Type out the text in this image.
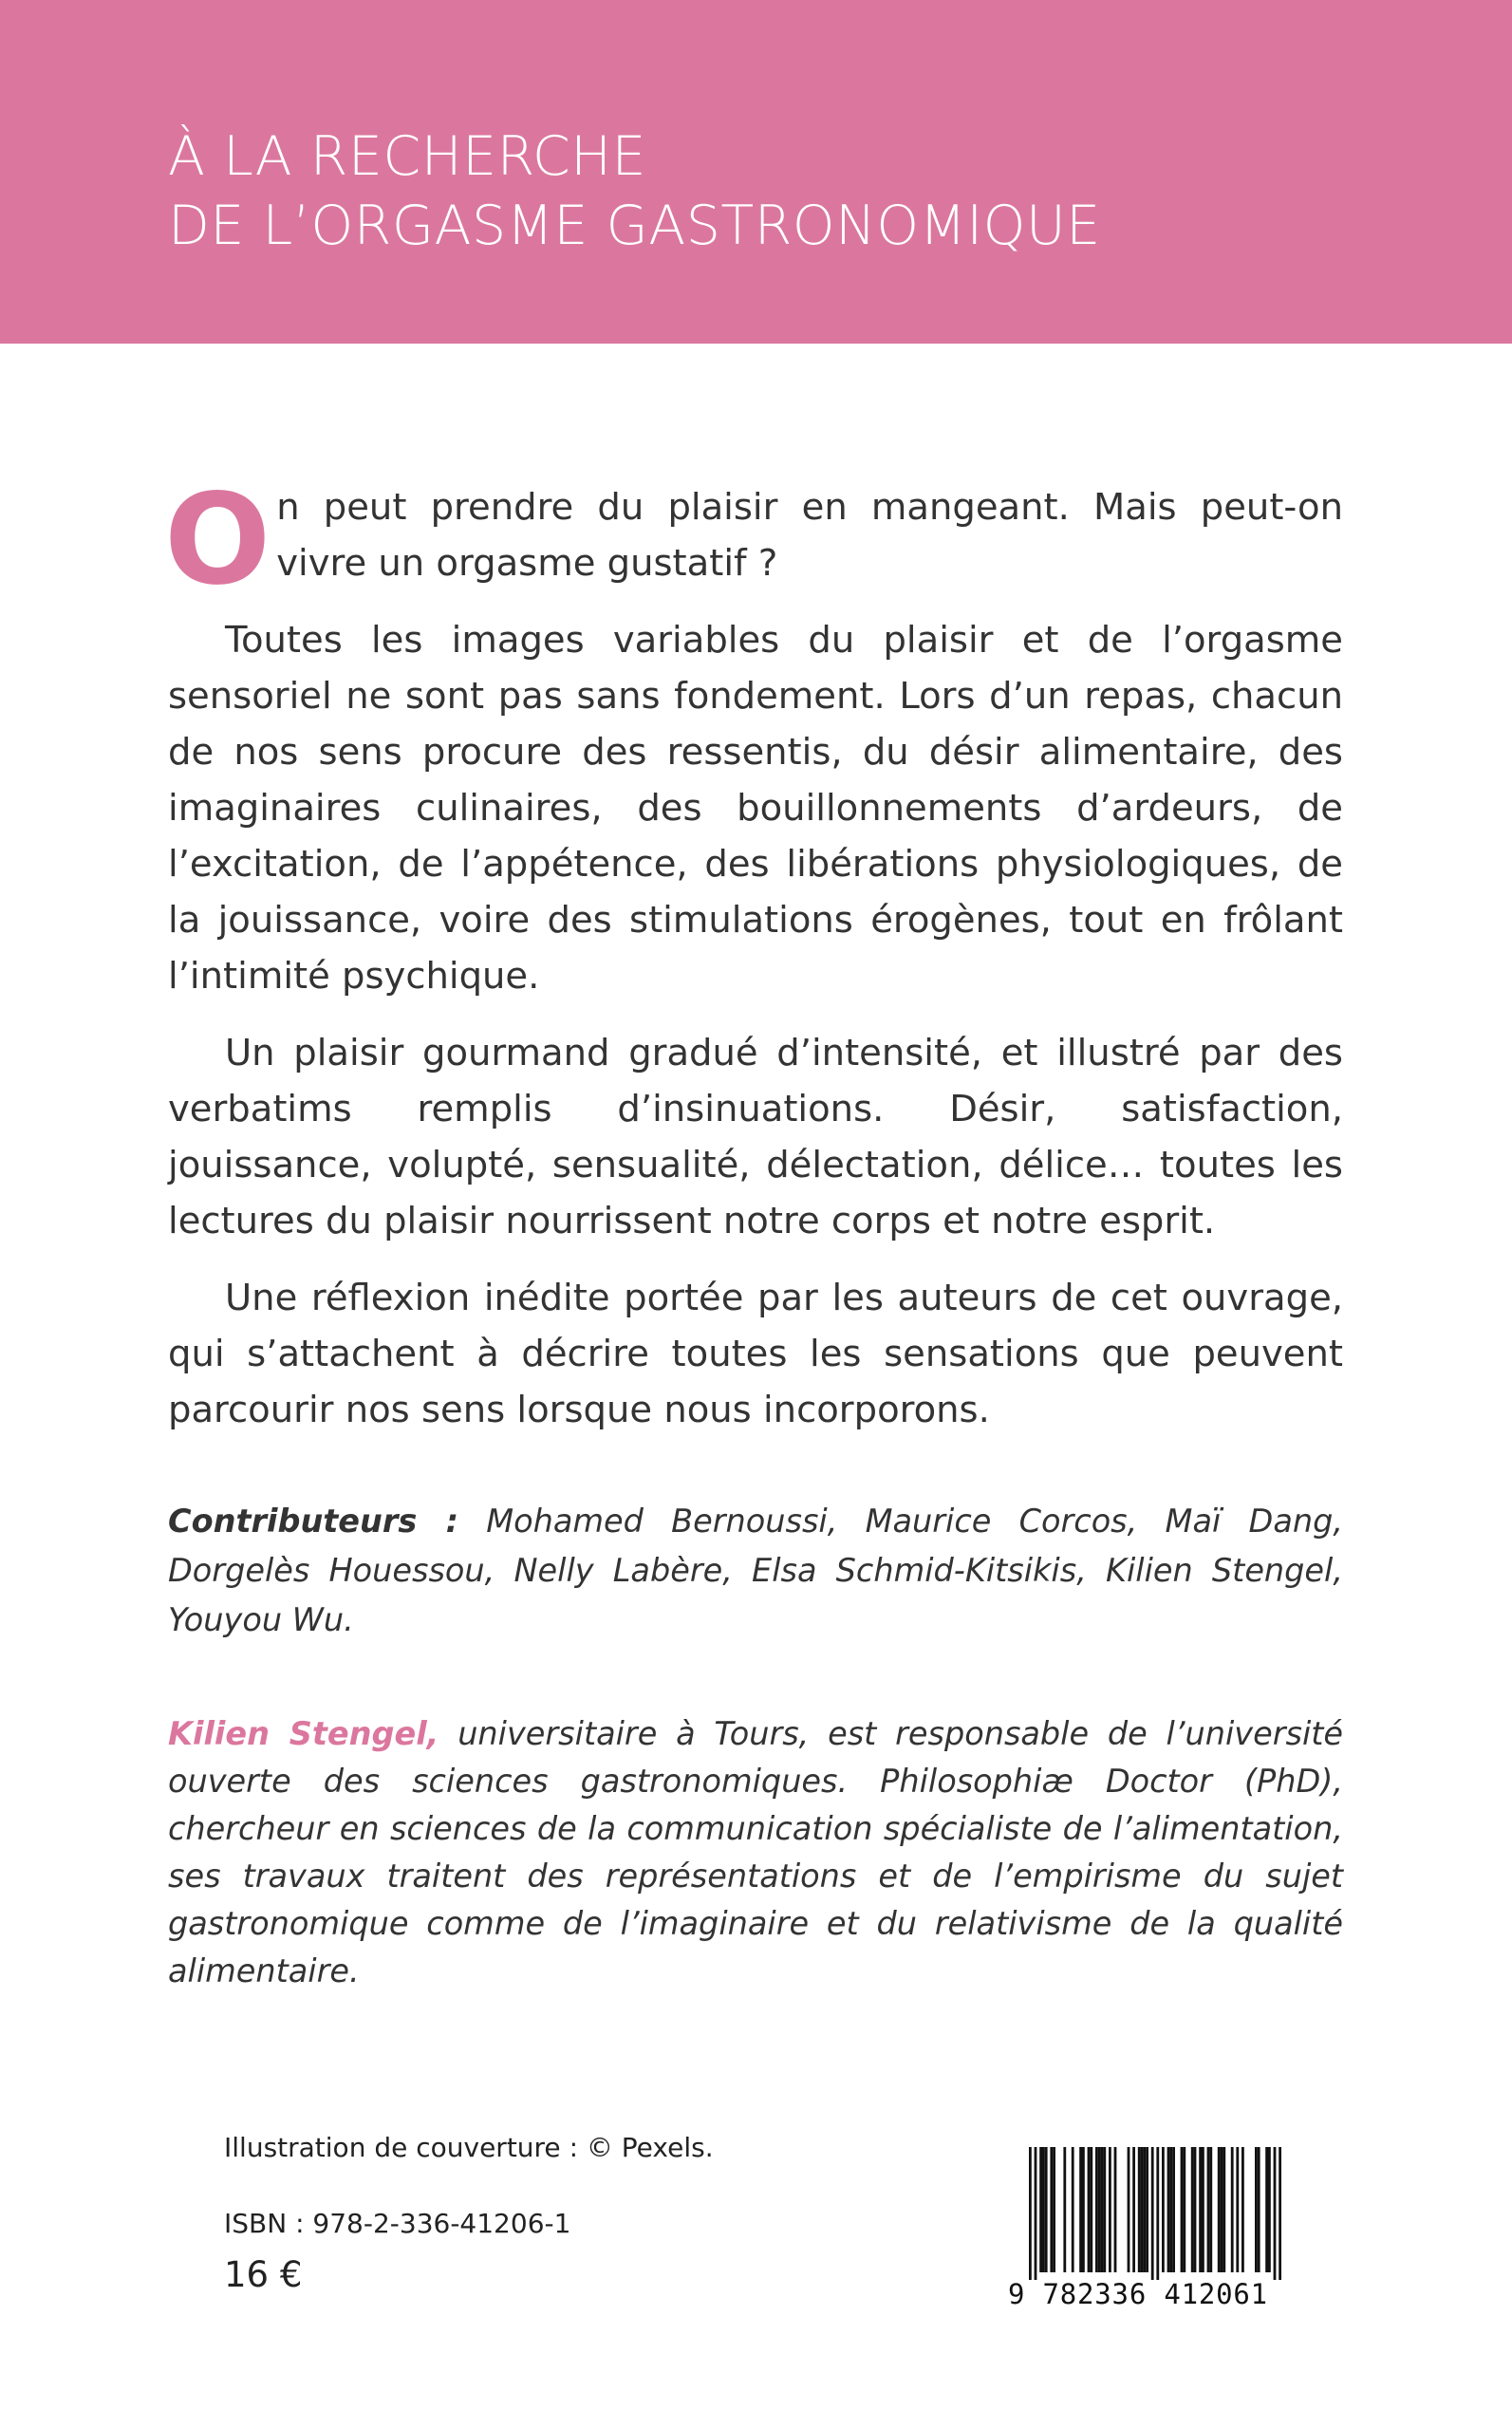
À LA RECHERCHE
DE L’ORGASME GASTRONOMIQUE

On peut prendre du plaisir en mangeant. Mais peut-on vivre un orgasme gustatif ?

Toutes les images variables du plaisir et de l’orgasme sensoriel ne sont pas sans fondement. Lors d’un repas, chacun de nos sens procure des ressentis, du désir alimentaire, des imaginaires culinaires, des bouillonnements d’ardeurs, de l’excitation, de l’appétence, des libérations physiologiques, de la jouissance, voire des stimulations érogènes, tout en frôlant l’intimité psychique.

Un plaisir gourmand gradué d’intensité, et illustré par des verbatims remplis d’insinuations. Désir, satisfaction, jouissance, volupté, sensualité, délectation, délice… toutes les lectures du plaisir nourrissent notre corps et notre esprit.

Une réflexion inédite portée par les auteurs de cet ouvrage, qui s’attachent à décrire toutes les sensations que peuvent parcourir nos sens lorsque nous incorporons.

Contributeurs : Mohamed Bernoussi, Maurice Corcos, Maï Dang, Dorgelès Houessou, Nelly Labère, Elsa Schmid-Kitsikis, Kilien Stengel, Youyou Wu.

Kilien Stengel, universitaire à Tours, est responsable de l’université ouverte des sciences gastronomiques. Philosophiæ Doctor (PhD), chercheur en sciences de la communication spécialiste de l’alimentation, ses travaux traitent des représentations et de l’empirisme du sujet gastronomique comme de l’imaginaire et du relativisme de la qualité alimentaire.

Illustration de couverture : © Pexels.
ISBN : 978-2-336-41206-1
16 €	9 782336 412061
